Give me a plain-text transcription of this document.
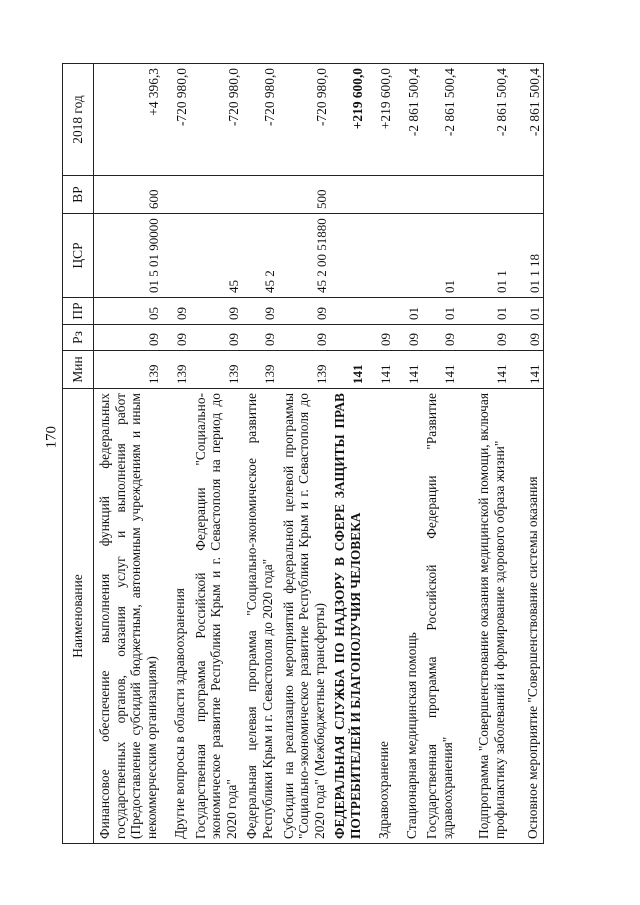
170
Наименование	Мин	Рз	ПР	ЦСР	ВР	2018 год
Финансовое обеспечение выполнения функций федеральных государственных органов, оказания услуг и выполнения работ (Предоставление субсидий бюджетным, автономным учреждениям и иным некоммерческим организациям)	139	09	05	01 5 01 90000	600	+4 396,3
Другие вопросы в области здравоохранения	139	09	09			-720 980,0
Государственная программа Российской Федерации "Социально-экономическое развитие Республики Крым и г. Севастополя на период до 2020 года"	139	09	09	45		-720 980,0
Федеральная целевая программа "Социально-экономическое развитие Республики Крым и г. Севастополя до 2020 года"	139	09	09	45 2		-720 980,0
Субсидии на реализацию мероприятий федеральной целевой программы "Социально-экономическое развитие Республики Крым и г. Севастополя до 2020 года" (Межбюджетные трансферты)	139	09	09	45 2 00 51880	500	-720 980,0
ФЕДЕРАЛЬНАЯ СЛУЖБА ПО НАДЗОРУ В СФЕРЕ ЗАЩИТЫ ПРАВ ПОТРЕБИТЕЛЕЙ И БЛАГОПОЛУЧИЯ ЧЕЛОВЕКА	141					+219 600,0
Здравоохранение	141	09				+219 600,0
Стационарная медицинская помощь	141	09	01			-2 861 500,4
Государственная программа Российской Федерации "Развитие здравоохранения"	141	09	01	01		-2 861 500,4
Подпрограмма "Совершенствование оказания медицинской помощи, включая профилактику заболеваний и формирование здорового образа жизни"	141	09	01	01 1		-2 861 500,4
Основное мероприятие "Совершенствование системы оказания	141	09	01	01 1 18		-2 861 500,4
